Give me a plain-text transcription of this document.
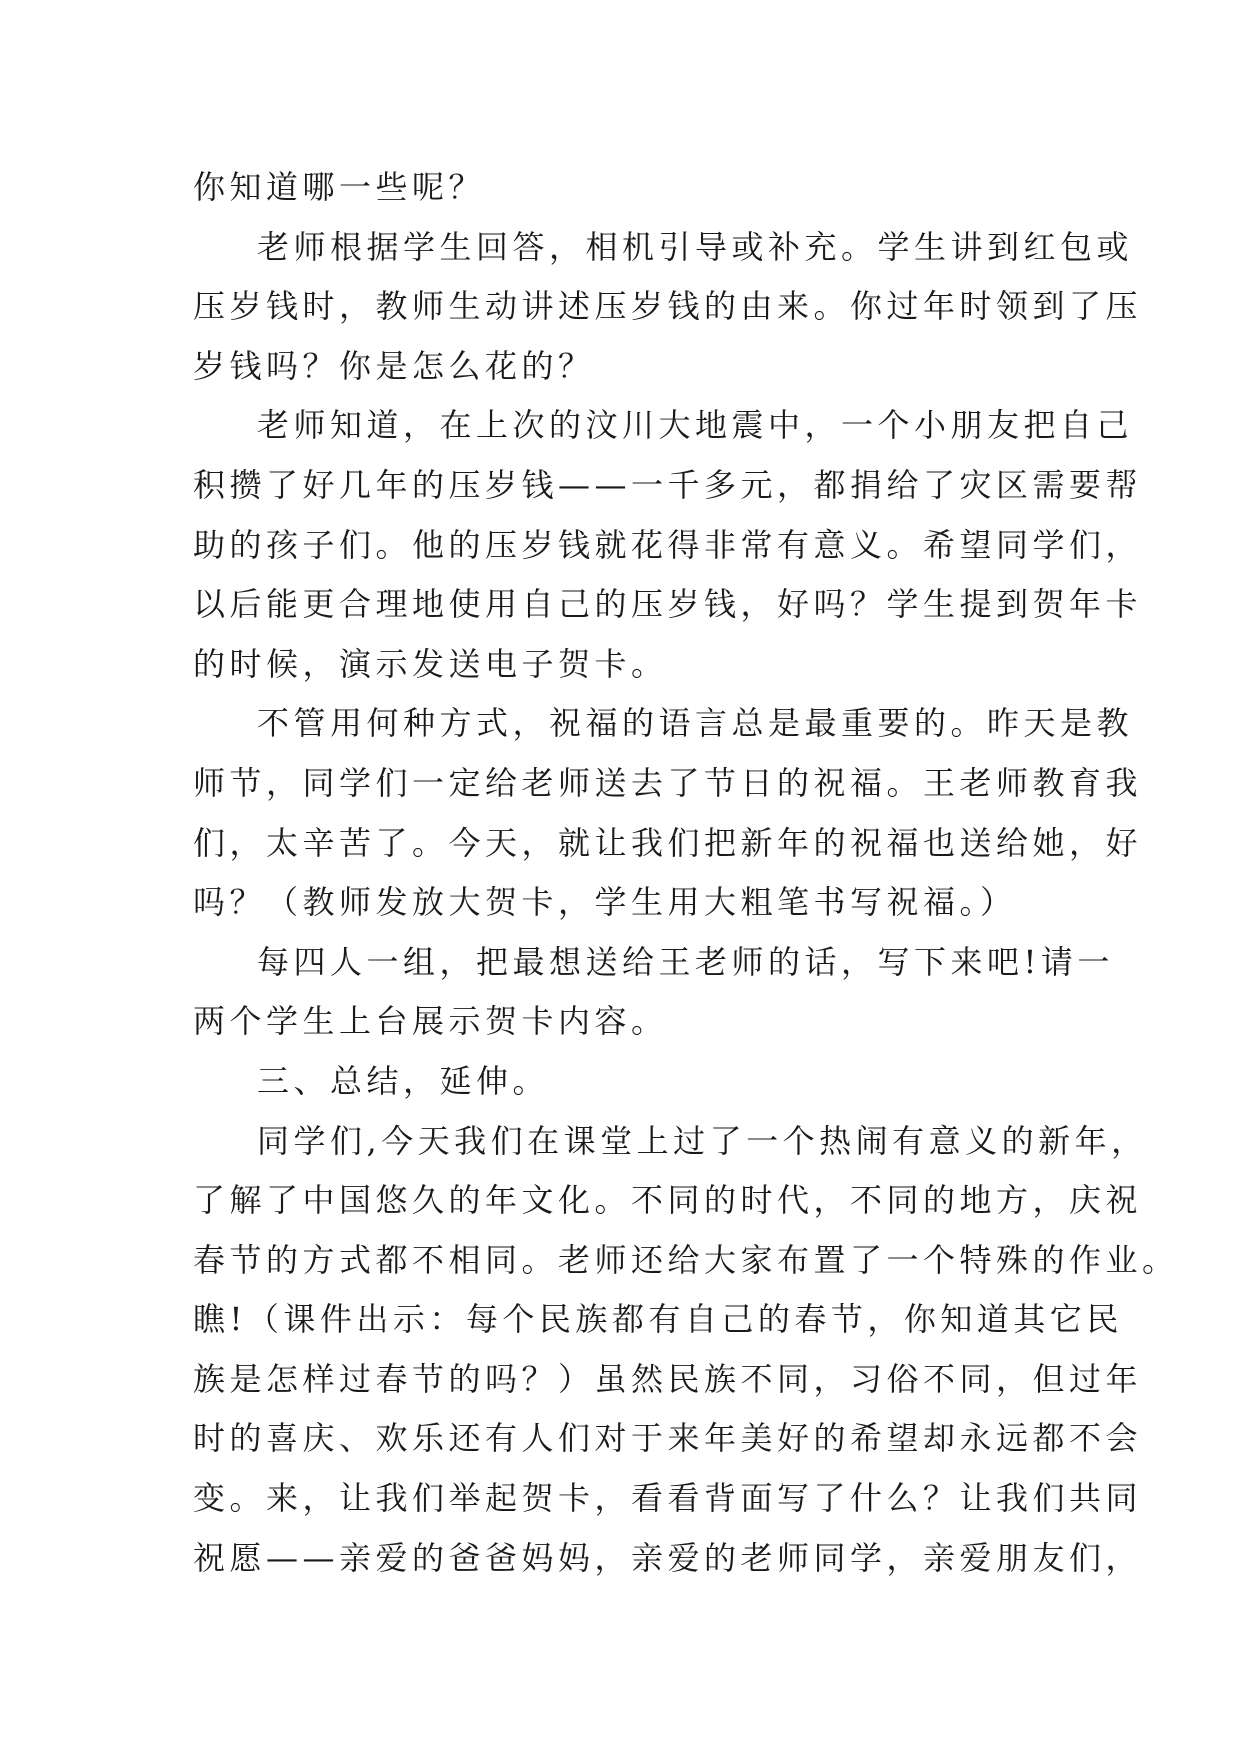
你知道哪一些呢？
老师根据学生回答，相机引导或补充。学生讲到红包或
压岁钱时，教师生动讲述压岁钱的由来。你过年时领到了压
岁钱吗？你是怎么花的？
老师知道，在上次的汶川大地震中，一个小朋友把自己
积攒了好几年的压岁钱——一千多元，都捐给了灾区需要帮
助的孩子们。他的压岁钱就花得非常有意义。希望同学们，
以后能更合理地使用自己的压岁钱，好吗？学生提到贺年卡
的时候，演示发送电子贺卡。
不管用何种方式，祝福的语言总是最重要的。昨天是教
师节，同学们一定给老师送去了节日的祝福。王老师教育我
们，太辛苦了。今天，就让我们把新年的祝福也送给她，好
吗？（教师发放大贺卡，学生用大粗笔书写祝福。）
每四人一组，把最想送给王老师的话，写下来吧!请一
两个学生上台展示贺卡内容。
三、总结，延伸。
同学们,今天我们在课堂上过了一个热闹有意义的新年，
了解了中国悠久的年文化。不同的时代，不同的地方，庆祝
春节的方式都不相同。老师还给大家布置了一个特殊的作业。
瞧!（课件出示：每个民族都有自己的春节，你知道其它民
族是怎样过春节的吗？）虽然民族不同，习俗不同，但过年
时的喜庆、欢乐还有人们对于来年美好的希望却永远都不会
变。来，让我们举起贺卡，看看背面写了什么？让我们共同
祝愿——亲爱的爸爸妈妈，亲爱的老师同学，亲爱朋友们，
